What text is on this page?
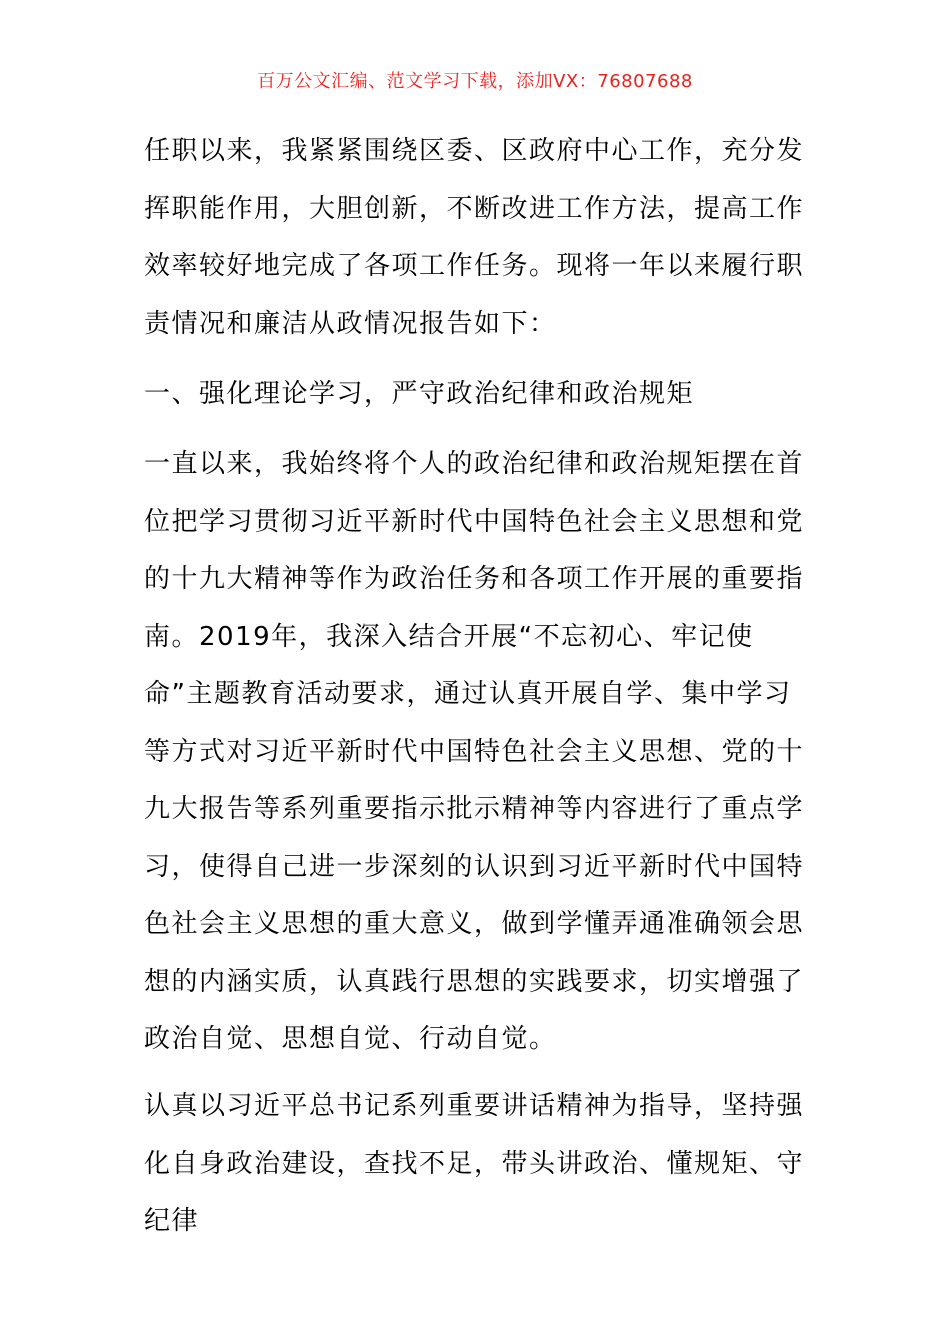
百万公文汇编、范文学习下载，添加VX：76807688

任职以来，我紧紧围绕区委、区政府中心工作，充分发挥职能作用，大胆创新，不断改进工作方法，提高工作效率较好地完成了各项工作任务。现将一年以来履行职责情况和廉洁从政情况报告如下：

一、强化理论学习，严守政治纪律和政治规矩

一直以来，我始终将个人的政治纪律和政治规矩摆在首位把学习贯彻习近平新时代中国特色社会主义思想和党的十九大精神等作为政治任务和各项工作开展的重要指南。2019年，我深入结合开展“不忘初心、牢记使命”主题教育活动要求，通过认真开展自学、集中学习等方式对习近平新时代中国特色社会主义思想、党的十九大报告等系列重要指示批示精神等内容进行了重点学习，使得自己进一步深刻的认识到习近平新时代中国特色社会主义思想的重大意义，做到学懂弄通准确领会思想的内涵实质，认真践行思想的实践要求，切实增强了政治自觉、思想自觉、行动自觉。

认真以习近平总书记系列重要讲话精神为指导，坚持强化自身政治建设，查找不足，带头讲政治、懂规矩、守纪律
